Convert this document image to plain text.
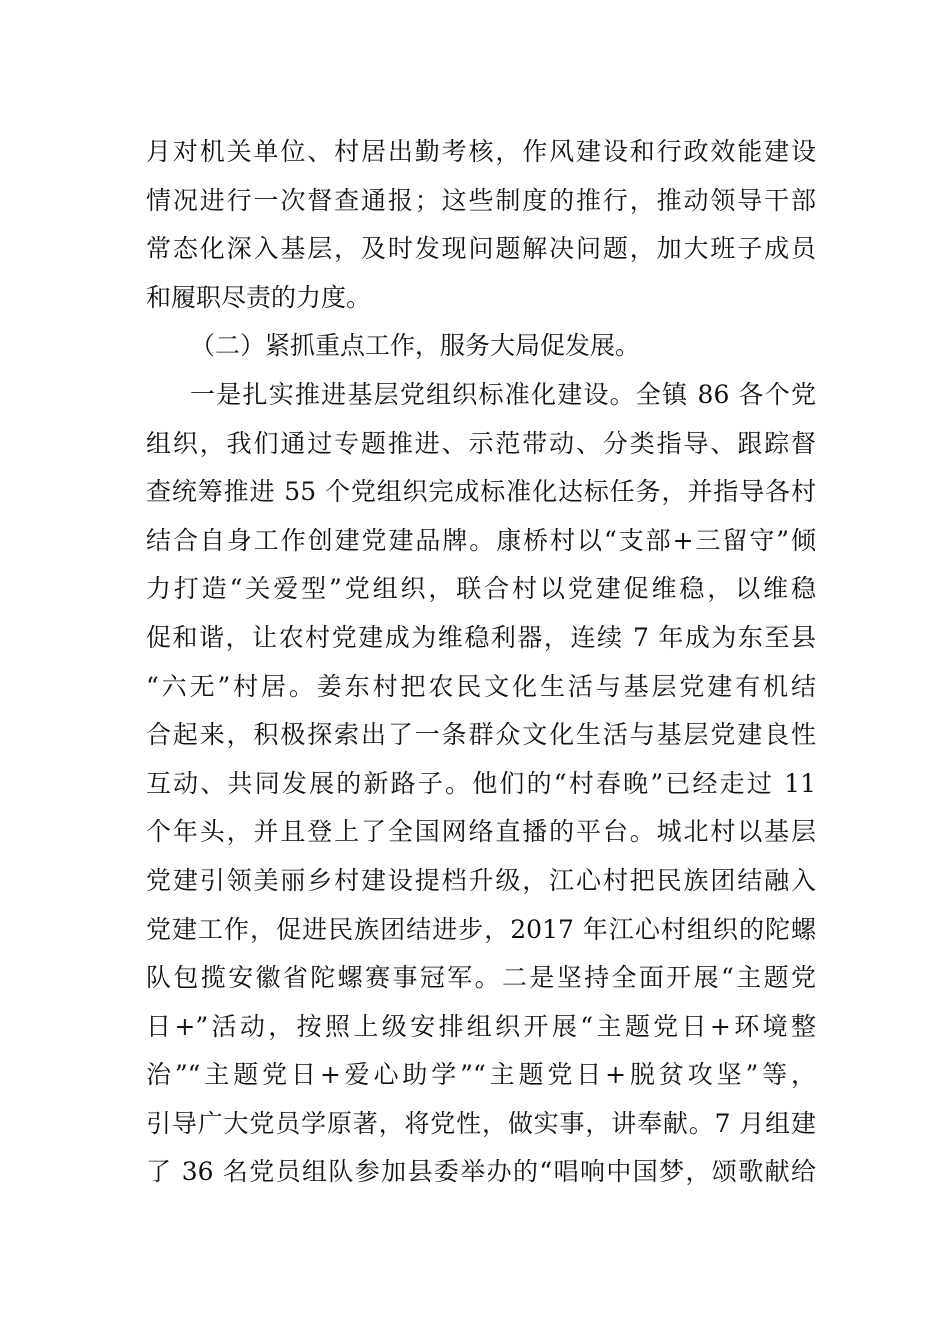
月对机关单位、村居出勤考核，作风建设和行政效能建设
情况进行一次督查通报；这些制度的推行，推动领导干部
常态化深入基层，及时发现问题解决问题，加大班子成员
和履职尽责的力度。
（二）紧抓重点工作，服务大局促发展。
一是扎实推进基层党组织标准化建设。全镇 86 各个党
组织，我们通过专题推进、示范带动、分类指导、跟踪督
查统筹推进 55 个党组织完成标准化达标任务，并指导各村
结合自身工作创建党建品牌。康桥村以“支部+三留守”倾
力打造“关爱型”党组织，联合村以党建促维稳，以维稳
促和谐，让农村党建成为维稳利器，连续 7 年成为东至县
“六无”村居。姜东村把农民文化生活与基层党建有机结
合起来，积极探索出了一条群众文化生活与基层党建良性
互动、共同发展的新路子。他们的“村春晚”已经走过 11
个年头，并且登上了全国网络直播的平台。城北村以基层
党建引领美丽乡村建设提档升级，江心村把民族团结融入
党建工作，促进民族团结进步，2017 年江心村组织的陀螺
队包揽安徽省陀螺赛事冠军。二是坚持全面开展“主题党
日+”活动，按照上级安排组织开展“主题党日+环境整
治”“主题党日+爱心助学”“主题党日+脱贫攻坚”等，
引导广大党员学原著，将党性，做实事，讲奉献。7 月组建
了 36 名党员组队参加县委举办的“唱响中国梦，颂歌献给
